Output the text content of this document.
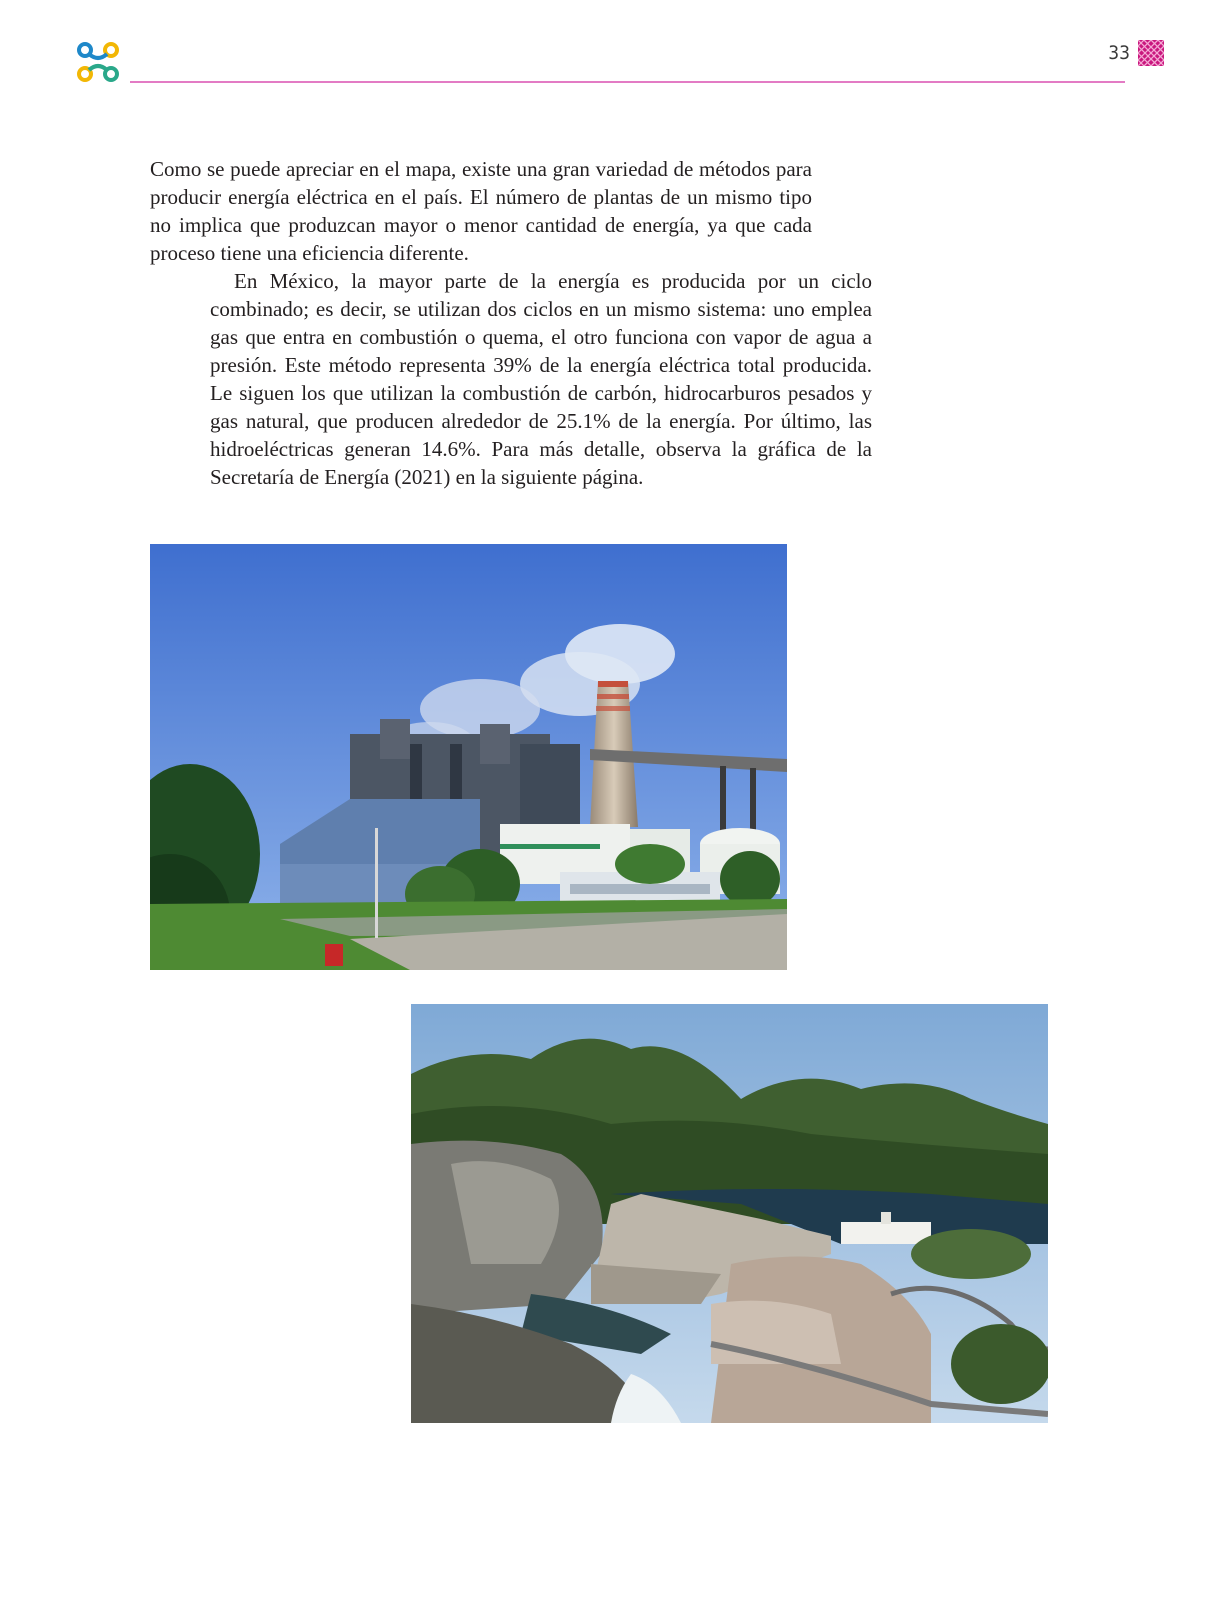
33

Como se puede apreciar en el mapa, existe una gran variedad de métodos para producir energía eléctrica en el país. El número de plantas de un mismo tipo no implica que produzcan mayor o menor cantidad de energía, ya que cada proceso tiene una eficiencia diferente.

En México, la mayor parte de la energía es producida por un ciclo combinado; es decir, se utilizan dos ciclos en un mismo sistema: uno emplea gas que entra en combustión o quema, el otro funciona con vapor de agua a presión. Este método representa 39% de la energía eléctrica total producida. Le siguen los que utilizan la combustión de carbón, hidrocarburos pesados y gas natural, que producen alrededor de 25.1% de la energía. Por último, las hidroeléctricas generan 14.6%. Para más detalle, observa la gráfica de la Secretaría de Energía (2021) en la siguiente página.
